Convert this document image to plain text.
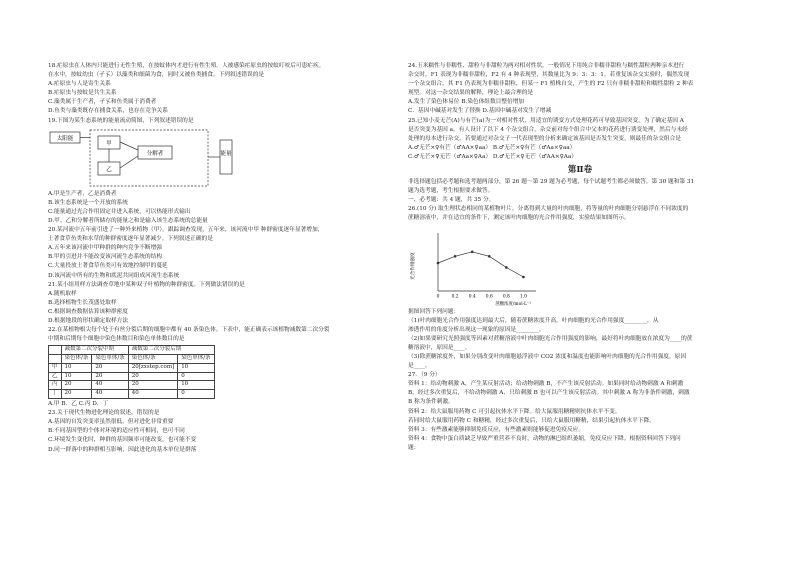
18.疟原虫在人体内只能进行无性生殖，在按蚊体内才进行有性生殖。人被感染疟原虫的按蚊叮咬后可患疟疾。

在水中，按蚊幼虫（孑孓）以藻类和细菌为食，同时又被鱼类捕食。下列叙述错误的是

A.疟原虫与人是寄生关系

B.疟原虫与按蚊是共生关系

C.藻类属于生产者，孑孓和鱼类属于消费者

D.鱼类与藻类既存在捕食关系，也存在竞争关系

19.下图为某生态系统的能量流动简图，下列叙述错误的是

太阳能
甲
乙
分解者	能量

A.甲是生产者，乙是消费者

B.该生态系统是一个开放的系统

C.能量通过光合作用固定并进入系统，可以热能形式输出

D.甲、乙和分解者所储存的能量之和是输入该生态系统的总能量

20.某河流中五年前引进了一种外来植物（甲）。跟踪调查发现，五年来，该河流中甲 种群密度逐年显著增加，

土著食草鱼类和水草的种群密度逐年显著减少。下列叙述正确的是

A.五年来该河流中甲种群的种内竞争不断增强

B.甲的引进并不能改变该河流生态系统的结构

C.大量投放土著食草鱼类可有效地控制甲的蔓延

D.该河流中所有的生物和底泥共同组成河流生态系统

21.某小组用样方法调查草地中某种双子叶植物的种群密度。下列做法错误的是

A.随机取样

B.选择植物生长茂盛处取样

C.根据调查数据估算该种群密度

D.根据地段的形状确定取样方法

22.在某植物根尖每个处于有丝分裂后期的细胞中都有 40 条染色体。下表中，能正确表示该植物减数第二次分裂

中期和后期每个细胞中染色体数目和染色单体数目的是

	减数第二次分裂中期		减数第二次分裂后期	
	染色体/条	染色单体/条	染色体/条	染色单体/条
甲	10	20	20[zxstep.com]	10
乙	10	20	20	0
丙	20	40	20	10
丁	20	40	40	0

A.甲 B．乙 C.丙 D．丁

23.关于现代生物进化理论的叙述，错误的是

A.基因的自发突变率虽然很低，但对进化非常重要

B.不同基因型的个体对环境的适应性可相同，也可不同

C.环境发生变化时，种群的基因频率可能改变，也可能不变

D.同一群落中的种群相互影响，因此进化的基本单位是群落

24.玉米糯性与非糯性、甜粒与非甜粒为两对相对性状。一般情况下用纯合非糯非甜粒与糯性甜粒两种亲本进行

杂交时，F1 表现为非糯非甜粒，F2 有 4 种表现型，其数量比为 9：3：3：1。若重复该杂交实验时，偶然发现

一个杂交组合，其 F1 仍表现为非糯非甜粒，但某一 F1 植株自交，产生的 F2 只有非糯非甜粒和糯性甜粒 2 种表

现型。对这一杂交结果的解释，理论上最合理的是

A.发生了染色体易位 B.染色体组数目整倍增加

C．基因中碱基对发生了替换 D.基因中碱基对发生了增减

25.已知小麦无芒(A)与有芒(a)为一对相对性状，用适宜的诱变方式处理花药可导致基因突变。为了确定基因 A

是否突变为基因 a，有人设计了以下 4 个杂交组合，杂交前对每个组合中父本的花药进行诱变处理，然后与未经

处理的母本进行杂交。若要通过对杂交子一代表现型的分析来确定该基因是否发生突变，则最佳的杂交组合是

A.♂无芒×♀有芒（♂AA×♀aa） B.♂无芒×♀有芒（♂Aa×♀aa）

C.♂无芒×♀无芒（♂Aa×♀Aa） D.♂无芒×♀无芒（♂AA×♀Aa）

第Ⅱ卷

非选择题包括必考题和选考题两部分，第 26 题～第 29 题为必考题，每个试题考生都必须做答。第 30 题和第 31

题为选考题，考生根据要求做答。

一、必考题：共 4 题，共 35 分。

26.(10 分) 取生理状态相同的某植物叶片，分离得到大量的叶肉细胞，将等量的叶肉细胞分别悬浮在不同浓度的

蔗糖溶液中，并在适宜的条件下，测定该叶肉细胞的光合作用强度，实验结果如图所示。

光合作用强度
蔗糖浓度/mol·L⁻¹
0	0.2 0.4 0.6 0.8 1.0

据图回答下列问题：

（1)叶肉细胞光合作用强度达到最大后，随着蔗糖浓度升高，叶肉细胞的光合作用强度________，从

渗透作用的角度分析出现这一现象的原因是________。

（2)如果要研究光照强度等因素对蔗糖溶液中叶肉细胞光合作用强度的影响，最好将叶肉细胞放在浓度为____的蔗

糖溶液中，原因是____。

（3)除蔗糖浓度外，如果分别改变叶肉细胞悬浮液中 CO2 浓度和温度也能影响叶肉细胞的光合作用强度，原因

是____。

27．（9 分）

资料 1：给动物刺激 A，产生某反射活动；给动物刺激 B，不产生该反射活动。如果同时给动物刺激 A 和刺激

B，经过多次重复后，不给动物刺激 A，只给刺激 B 也可以产生该反射活动。其中刺激 A 称为非条件刺激，刺激

B 称为条件刺激。

资料 2：给大鼠服用药物 C 可引起抗体水平下降。给大鼠服用糖精则抗体水平不变。

若同时给大鼠服用药物 C 和糖精，经过多次重复后，只给大鼠服用糖精，结果引起抗体水平下降。

资料 3：有些激素能够抑制免疫反应，有些激素则能够促进免疫反应。

资料 4：食物中蛋白质缺乏导致严重营养不良时，动物的淋巴组织萎缩，免疫反应下降。根据资料回答下列问

题：
